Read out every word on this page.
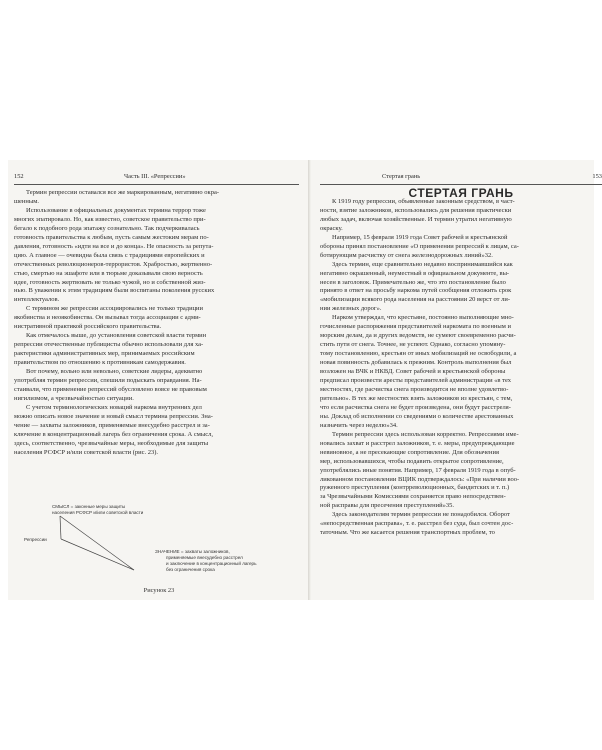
152	Часть III. «Репрессии»

Термин репрессии оставался все же маркированным, негативно окра-

шенным.

Использование в официальных документах термина террор тоже

многих эпатировало. Но, как известно, советское правительство при-

бегало к подобного рода эпатажу сознательно. Так подчеркивалась

готовность правительства к любым, пусть самым жестоким мерам по-

давления, готовность «идти на все и до конца». Не опасность за репута-

цию. А главное — очевидна была связь с традициями европейских и

отечественных революционеров-террористов. Храбростью, жертвенно-

стью, смертью на эшафоте или в тюрьме доказывали свою верность

идее, готовность жертвовать не только чужой, но и собственной жиз-

нью. В уважении к этим традициям были воспитаны поколения русских

интеллектуалов.

С термином же репрессии ассоциировались не только традиции

якобинства и неоякобинства. Он вызывал тогда ассоциации с адми-

нистративной практикой российского правительства.

Как отмечалось выше, до установления советской власти термин

репрессии отечественные публицисты обычно использовали для ха-

рактеристики административных мер, принимаемых российским

правительством по отношению к противникам самодержавия.

Вот почему, вольно или невольно, советские лидеры, адекватно

употребляя термин репрессии, спешили подыскать оправдания. На-

стаивали, что применение репрессий обусловлено вовсе не правовым

нигилизмом, а чрезвычайностью ситуации.

С учетом терминологических новаций наркома внутренних дел

можно описать новое значение и новый смысл термина репрессии. Зна-

чение — захваты заложников, применяемые внесудебно расстрел и за-

ключение в концентрационный лагерь без ограничения срока. А смысл,

здесь, соответственно, чрезвычайные меры, необходимые для защиты

населения РСФСР и/или советской власти (рис. 23).

СМЫСЛ = законные меры защиты
населения РСФСР и/или советской власти
Репрессии
ЗНАЧЕНИЕ = захваты заложников,
применяемые внесудебно расстрел
и заключение в концентрационный лагерь
без ограничения срока
Рисунок 23
Стертая грань	153

СТЕРТАЯ ГРАНЬ

К 1919 году репрессии, объявленные законным средством, в част-

ности, взятие заложников, использовались для решения практически

любых задач, включая хозяйственные. И термин утратил негативную

окраску.

Например, 15 февраля 1919 года Совет рабочей и крестьянской

обороны принял постановление «О применении репрессий к лицам, са-

ботирующим расчистку от снега железнодорожных линий»32.

Здесь термин, еще сравнительно недавно воспринимавшийся как

негативно окрашенный, неуместный в официальном документе, вы-

несен в заголовок. Примечательно же, что это постановление было

принято в ответ на просьбу наркома путей сообщения отложить срок

«мобилизации всякого рода населения на расстоянии 20 верст от ли-

нии железных дорог».

Нарком утверждал, что крестьяне, постоянно выполняющие мно-

гочисленные распоряжения представителей наркомата по военным и

морским делам, да и других ведомств, не сумеют своевременно расчи-

стить пути от снега. Точнее, не успеют. Однако, согласно упомяну-

тому постановлению, крестьян от иных мобилизаций не освободили, а

новая повинность добавилась к прежним. Контроль выполнения был

возложен на ВЧК и НКВД. Совет рабочей и крестьянской обороны

предписал произвести аресты представителей администрации «в тех

местностях, где расчистка снега производится не вполне удовлетво-

рительно». В тех же местностях взять заложников из крестьян, с тем,

что если расчистка снега не будет произведена, они будут расстреля-

ны. Доклад об исполнении со сведениями о количестве арестованных

назначить через неделю»34.

Термин репрессии здесь использован корректно. Репрессиями име-

новались захват и расстрел заложников, т. е. меры, предупреждающие

невиновное, а не пресекающие сопротивление. Для обозначения

мер, использовавшихся, чтобы подавить открытое сопротивление,

употреблялись иные понятия. Например, 17 февраля 1919 года в опуб-

ликованном постановлении ВЦИК подтверждалось: «При наличии воо-

руженного преступления (контрреволюционных, бандитских и т. п.)

за Чрезвычайными Комиссиями сохраняется право непосредствен-

ной расправы для пресечения преступлений»35.

Здесь законодателям термин репрессии не понадобился. Оборот

«непосредственная расправа», т. е. расстрел без суда, был сочтен дос-

таточным. Что же касается решения транспортных проблем, то
